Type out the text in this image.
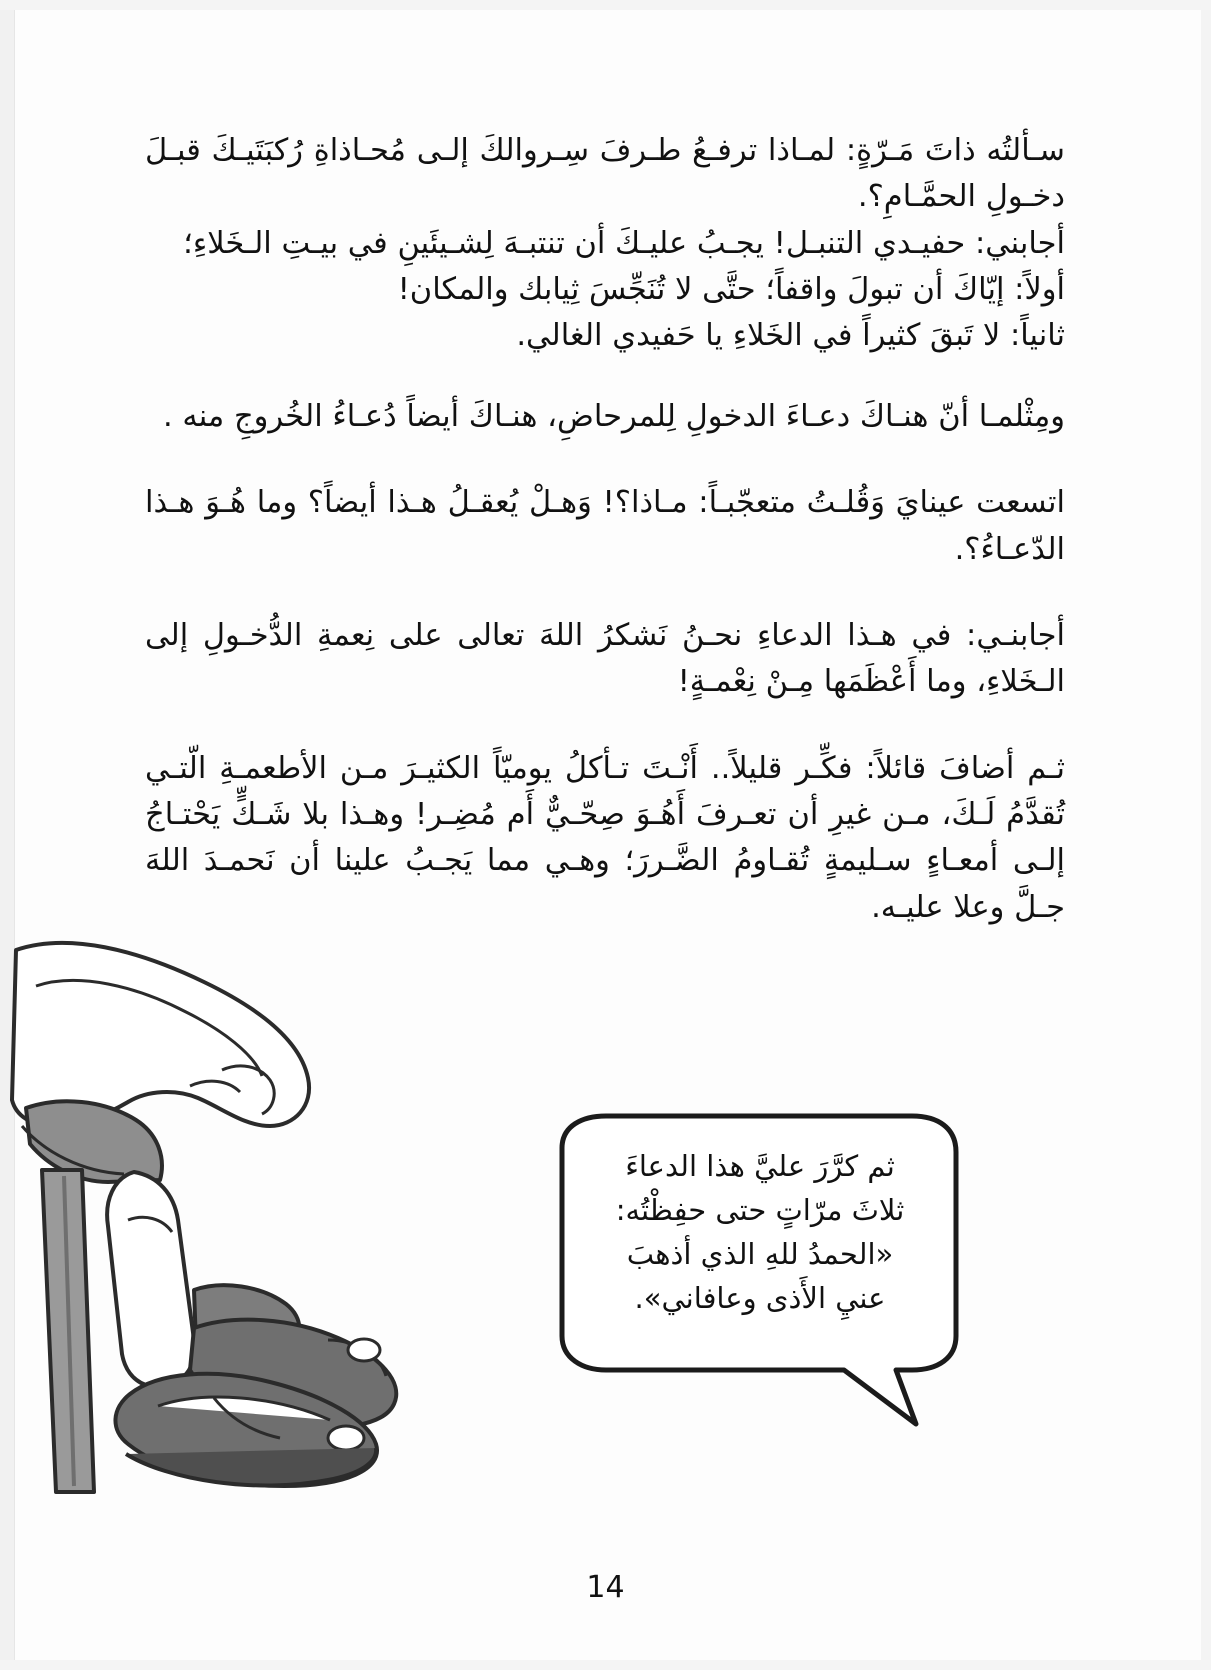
سـألتُه ذاتَ مَـرّةٍ: لمـاذا ترفـعُ طـرفَ سِـروالكَ إلـى مُحـاذاةِ رُكبَتَيـكَ قبـلَ دخـولِ الحمَّـامِ؟.

أجابني: حفيـدي التنبـل! يجـبُ عليـكَ أن تنتبـهَ لِشـيئَينِ في بيـتِ الـخَلاءِ؛

أولاً: إيّاكَ أن تبولَ واقفاً؛ حتَّى لا تُنَجِّسَ ثِيابك والمكان!

ثانياً: لا تَبقَ كثيراً في الخَلاءِ يا حَفيدي الغالي.

ومِثْلمـا أنّ هنـاكَ دعـاءَ الدخولِ لِلمرحاضِ، هنـاكَ أيضاً دُعـاءُ الخُروجِ منه .

اتسعت عينايَ وَقُلـتُ متعجّبـاً: مـاذا؟! وَهـلْ يُعقـلُ هـذا أيضاً؟ وما هُـوَ هـذا الدّعـاءُ؟.

أجابنـي: في هـذا الدعاءِ نحـنُ نَشكرُ اللهَ تعالى على نِعمةِ الدُّخـولِ إلى الـخَلاءِ، وما أَعْظَمَها مِـنْ نِعْمـةٍ!

ثـم أضافَ قائلاً: فكِّـر قليلاً.. أَنْـتَ تـأكلُ يوميّاً الكثيـرَ مـن الأطعمـةِ الّتـي تُقدَّمُ لَـكَ، مـن غيرِ أن تعـرفَ أَهُـوَ صِحّـيٌّ أَم مُضِـر! وهـذا بلا شَـكٍّ يَحْتـاجُ إلـى أمعـاءٍ سـليمةٍ تُقـاومُ الضَّـررَ؛ وهـي مما يَجـبُ علينا أن نَحمـدَ اللهَ جـلَّ وعلا عليـه.

ثم كرَّرَ عليَّ هذا الدعاءَ
ثلاثَ مرّاتٍ حتى حفِظْتُه:
«الحمدُ للهِ الذي أذهبَ
عنيِ الأَذى وعافاني».
14
